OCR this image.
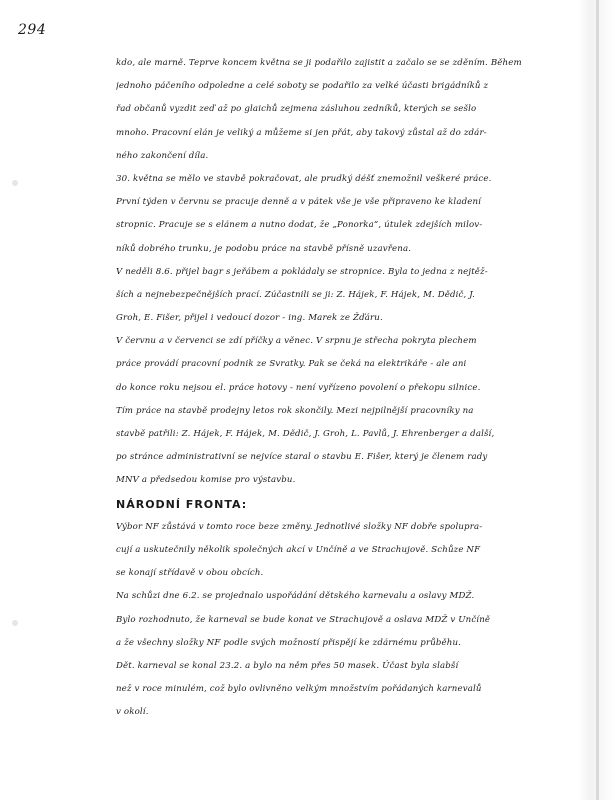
294
kdo, ale marně. Teprve koncem května se ji podařilo zajistit a začalo se se zděním. Během
jednoho páčeního odpoledne a celé soboty se podařilo za velké účasti brigádníků z
řad občanů vyzdit zeď až po glaichů zejmena zásluhou zedníků, kterých se sešlo
mnoho. Pracovní elán je veliký a můžeme si jen přát, aby takový zůstal až do zdár-
ného zakončení díla.
30. května se mělo ve stavbě pokračovat, ale prudký déšť znemožnil veškeré práce.
První týden v červnu se pracuje denně a v pátek vše je vše připraveno ke kladení
stropnic. Pracuje se s elánem a nutno dodat, že „Ponorka“, útulek zdejších milov-
níků dobrého trunku, je podobu práce na stavbě přísně uzavřena.
V neděli 8.6. přijel bagr s jeřábem a pokládaly se stropnice. Byla to jedna z nejtěž-
ších a nejnebezpečnějších prací. Zúčastnili se ji: Z. Hájek, F. Hájek, M. Dědič, J.
Groh, E. Fišer, přijel i vedoucí dozor - ing. Marek ze Žďáru.
V červnu a v červenci se zdí příčky a věnec. V srpnu je střecha pokryta plechem
práce provádí pracovní podnik ze Svratky. Pak se čeká na elektrikáře - ale ani
do konce roku nejsou el. práce hotovy - není vyřízeno povolení o překopu silnice.
Tím práce na stavbě prodejny letos rok skončily. Mezi nejpilnější pracovníky na
stavbě patřili: Z. Hájek, F. Hájek, M. Dědič, J. Groh, L. Pavlů, J. Ehrenberger a další,
po stránce administrativní se nejvíce staral o stavbu E. Fišer, který je členem rady
MNV a předsedou komise pro výstavbu.
NÁRODNÍ FRONTA:
Výbor NF zůstává v tomto roce beze změny. Jednotlivé složky NF dobře spolupra-
cují a uskutečnily několik společných akcí v Unčíně a ve Strachujově. Schůze NF
se konají střídavě v obou obcích.
Na schůzi dne 6.2. se projednalo uspořádání dětského karnevalu a oslavy MDŽ.
Bylo rozhodnuto, že karneval se bude konat ve Strachujově a oslava MDŽ v Unčíně
a že všechny složky NF podle svých možností přispějí ke zdárnému průběhu.
Dět. karneval se konal 23.2. a bylo na něm přes 50 masek. Účast byla slabší
než v roce minulém, což bylo ovlivněno velkým množstvím pořádaných karnevalů
v okolí.
